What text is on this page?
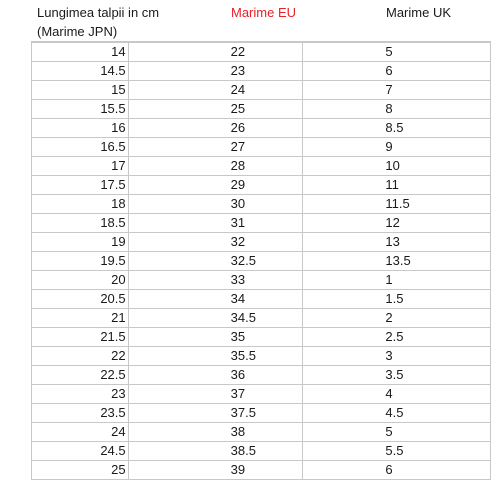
Lungimea talpii in cm	Marime EU	Marime UK
(Marime JPN)
14	22	5
14.5	23	6
15	24	7
15.5	25	8
16	26	8.5
16.5	27	9
17	28	10
17.5	29	11
18	30	11.5
18.5	31	12
19	32	13
19.5	32.5	13.5
20	33	1
20.5	34	1.5
21	34.5	2
21.5	35	2.5
22	35.5	3
22.5	36	3.5
23	37	4
23.5	37.5	4.5
24	38	5
24.5	38.5	5.5
25	39	6
